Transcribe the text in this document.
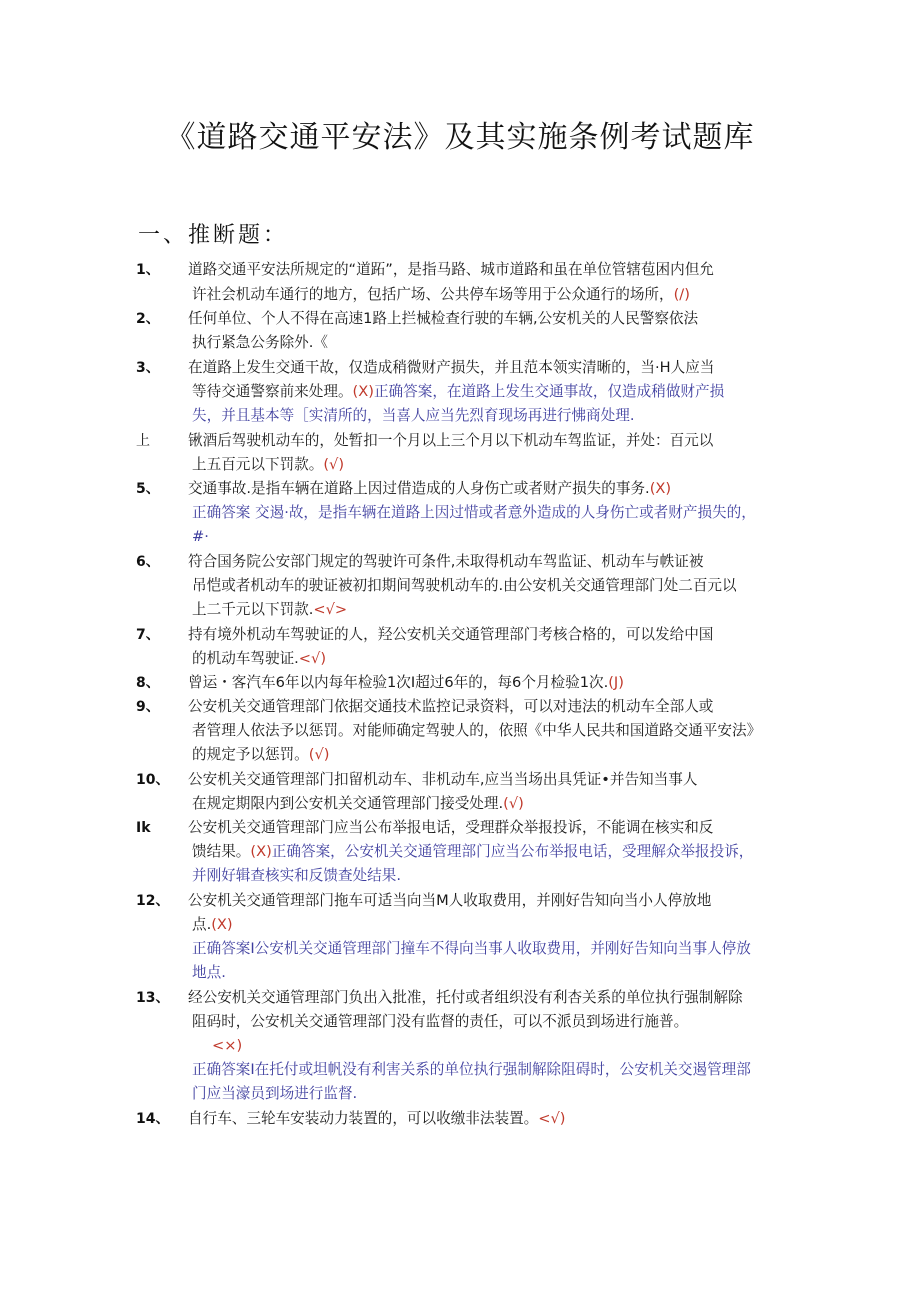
《道路交通平安法》及其实施条例考试题库
一、推断题：
1、 道路交通平安法所规定的“道跖”，是指马路、城市道路和虽在单位管辖苞困内但允
许社会机动车通行的地方，包括广场、公共停车场等用于公众通行的场所，(/)
2、 任何单位、个人不得在高速1路上拦械检查行驶的车辆,公安机关的人民警察依法
执行紧急公务除外.《
3、 在道路上发生交通干故，仅造成稍微财产损失，并且范本领实清晰的，当·H人应当
等待交通警察前来处理。(X)正确答案，在道路上发生交通事故，仅造成稍做财产损
失，并且基本等［实清所的，当喜人应当先烈育现场再进行怫商处理.
上	锹酒后驾驶机动车的，处暂扣一个月以上三个月以下机动车驾监证，并处：百元以
上五百元以下罚款。(√)
5、 交通事故.是指车辆在道路上因过借造成的人身伤亡或者财产损失的事务.(X)
正确答案 交遏·故，是指车辆在道路上因过惜或者意外造成的人身伤亡或者财产损失的，
#·
6、 符合国务院公安部门规定的驾驶许可条件,未取得机动车驾监证、机动车与帙证被
吊恺或者机动车的驶证被初扣期间驾驶机动车的.由公安机关交通管理部门处二百元以
上二千元以下罚款.<√>
7、 持有境外机动车驾驶证的人，羟公安机关交通管理部门考核合格的，可以发给中国
的机动车驾驶证.<√)
8、 曾运・客汽车6年以内每年检验1次I超过6年的，每6个月检验1次.(J)
9、 公安机关交通管理部门依据交通技术监控记录资料，可以对违法的机动车全部人或
者管理人依法予以惩罚。对能师确定驾驶人的，依照《中华人民共和国道路交通平安法》
的规定予以惩罚。(√)
10、 公安机关交通管理部门扣留机动车、非机动车,应当当场出具凭证•并告知当事人
在规定期限内到公安机关交通管理部门接受处理.(√)
Ik	公安机关交通管理部门应当公布举报电话，受理群众举报投诉，不能调在核实和反
馈结果。(X)正确答案，公安机关交通管理部门应当公布举报电话，受理解众举报投诉，
并刚好辑查核实和反馈查处结果.
12、 公安机关交通管理部门拖车可适当向当M人收取费用，并刚好告知向当小人停放地
点.(X)
正确答案I公安机关交通管理部门撞车不得向当事人收取费用，并刚好告知向当事人停放
地点.
13、 经公安机关交通管理部门负出入批准，托付或者组织没有利杏关系的单位执行强制解除
阻码时，公安机关交通管理部门没有监督的责任，可以不派员到场进行施普。
<×)
正确答案I在托付或坦帆没有利害关系的单位执行强制解除阻碍时，公安机关交遏管理部
门应当濠员到场进行监督.
14、 自行车、三轮车安装动力装置的，可以收缴非法装置。<√)
